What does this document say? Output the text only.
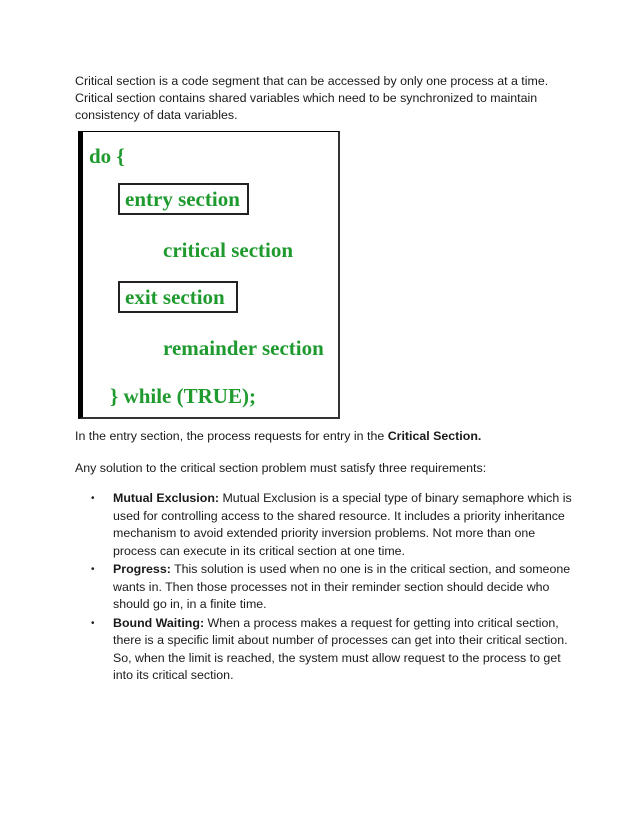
Critical section is a code segment that can be accessed by only one process at a time. Critical section contains shared variables which need to be synchronized to maintain consistency of data variables.

do {
entry section
critical section
exit section
remainder section
} while (TRUE);

In the entry section, the process requests for entry in the Critical Section.

Any solution to the critical section problem must satisfy three requirements:

• Mutual Exclusion: Mutual Exclusion is a special type of binary semaphore which is used for controlling access to the shared resource. It includes a priority inheritance mechanism to avoid extended priority inversion problems. Not more than one process can execute in its critical section at one time.
• Progress: This solution is used when no one is in the critical section, and someone wants in. Then those processes not in their reminder section should decide who should go in, in a finite time.
• Bound Waiting: When a process makes a request for getting into critical section, there is a specific limit about number of processes can get into their critical section. So, when the limit is reached, the system must allow request to the process to get into its critical section.
